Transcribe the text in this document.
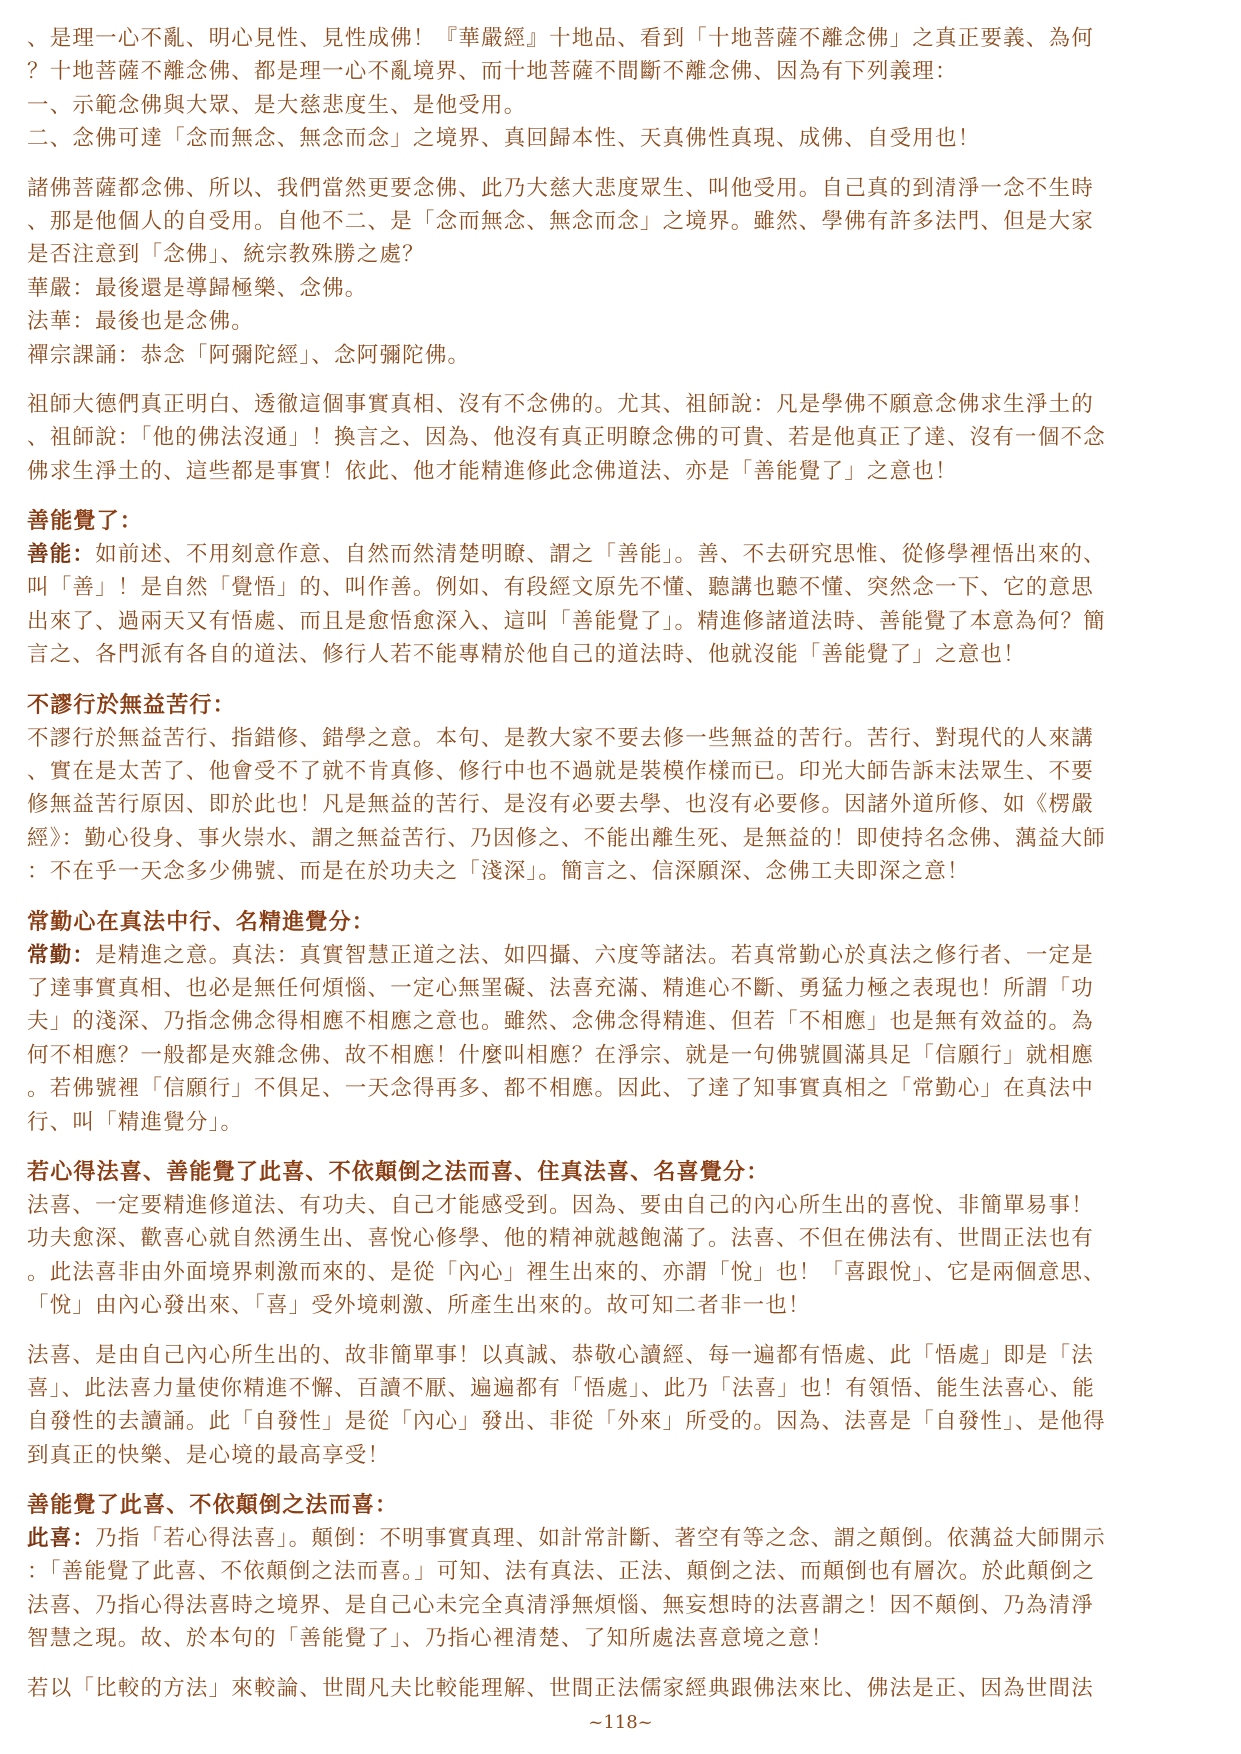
、是理一心不亂、明心見性、見性成佛！『華嚴經』十地品、看到「十地菩薩不離念佛」之真正要義、為何
？十地菩薩不離念佛、都是理一心不亂境界、而十地菩薩不間斷不離念佛、因為有下列義理：
一、示範念佛與大眾、是大慈悲度生、是他受用。
二、念佛可達「念而無念、無念而念」之境界、真回歸本性、天真佛性真現、成佛、自受用也！
諸佛菩薩都念佛、所以、我們當然更要念佛、此乃大慈大悲度眾生、叫他受用。自己真的到清淨一念不生時
、那是他個人的自受用。自他不二、是「念而無念、無念而念」之境界。雖然、學佛有許多法門、但是大家
是否注意到「念佛」、統宗教殊勝之處？
華嚴：最後還是導歸極樂、念佛。
法華：最後也是念佛。
禪宗課誦：恭念「阿彌陀經」、念阿彌陀佛。
祖師大德們真正明白、透徹這個事實真相、沒有不念佛的。尤其、祖師說：凡是學佛不願意念佛求生淨土的
、祖師說：「他的佛法沒通」！換言之、因為、他沒有真正明瞭念佛的可貴、若是他真正了達、沒有一個不念
佛求生淨土的、這些都是事實！依此、他才能精進修此念佛道法、亦是「善能覺了」之意也！
善能覺了：
善能：如前述、不用刻意作意、自然而然清楚明瞭、謂之「善能」。善、不去研究思惟、從修學裡悟出來的、
叫「善」！是自然「覺悟」的、叫作善。例如、有段經文原先不懂、聽講也聽不懂、突然念一下、它的意思
出來了、過兩天又有悟處、而且是愈悟愈深入、這叫「善能覺了」。精進修諸道法時、善能覺了本意為何？簡
言之、各門派有各自的道法、修行人若不能專精於他自己的道法時、他就沒能「善能覺了」之意也！
不謬行於無益苦行：
不謬行於無益苦行、指錯修、錯學之意。本句、是教大家不要去修一些無益的苦行。苦行、對現代的人來講
、實在是太苦了、他會受不了就不肯真修、修行中也不過就是裝模作樣而已。印光大師告訴末法眾生、不要
修無益苦行原因、即於此也！凡是無益的苦行、是沒有必要去學、也沒有必要修。因諸外道所修、如《楞嚴
經》：勤心役身、事火崇水、謂之無益苦行、乃因修之、不能出離生死、是無益的！即使持名念佛、蕅益大師
：不在乎一天念多少佛號、而是在於功夫之「淺深」。簡言之、信深願深、念佛工夫即深之意！
常勤心在真法中行、名精進覺分：
常勤：是精進之意。真法：真實智慧正道之法、如四攝、六度等諸法。若真常勤心於真法之修行者、一定是
了達事實真相、也必是無任何煩惱、一定心無罣礙、法喜充滿、精進心不斷、勇猛力極之表現也！所謂「功
夫」的淺深、乃指念佛念得相應不相應之意也。雖然、念佛念得精進、但若「不相應」也是無有效益的。為
何不相應？一般都是夾雜念佛、故不相應！什麼叫相應？在淨宗、就是一句佛號圓滿具足「信願行」就相應
。若佛號裡「信願行」不俱足、一天念得再多、都不相應。因此、了達了知事實真相之「常勤心」在真法中
行、叫「精進覺分」。
若心得法喜、善能覺了此喜、不依顛倒之法而喜、住真法喜、名喜覺分：
法喜、一定要精進修道法、有功夫、自己才能感受到。因為、要由自己的內心所生出的喜悅、非簡單易事！
功夫愈深、歡喜心就自然湧生出、喜悅心修學、他的精神就越飽滿了。法喜、不但在佛法有、世間正法也有
。此法喜非由外面境界刺激而來的、是從「內心」裡生出來的、亦謂「悅」也！「喜跟悅」、它是兩個意思、
「悅」由內心發出來、「喜」受外境刺激、所產生出來的。故可知二者非一也！
法喜、是由自己內心所生出的、故非簡單事！以真誠、恭敬心讀經、每一遍都有悟處、此「悟處」即是「法
喜」、此法喜力量使你精進不懈、百讀不厭、遍遍都有「悟處」、此乃「法喜」也！有領悟、能生法喜心、能
自發性的去讀誦。此「自發性」是從「內心」發出、非從「外來」所受的。因為、法喜是「自發性」、是他得
到真正的快樂、是心境的最高享受！
善能覺了此喜、不依顛倒之法而喜：
此喜：乃指「若心得法喜」。顛倒：不明事實真理、如計常計斷、著空有等之念、謂之顛倒。依蕅益大師開示
：「善能覺了此喜、不依顛倒之法而喜。」可知、法有真法、正法、顛倒之法、而顛倒也有層次。於此顛倒之
法喜、乃指心得法喜時之境界、是自己心未完全真清淨無煩惱、無妄想時的法喜謂之！因不顛倒、乃為清淨
智慧之現。故、於本句的「善能覺了」、乃指心裡清楚、了知所處法喜意境之意！
若以「比較的方法」來較論、世間凡夫比較能理解、世間正法儒家經典跟佛法來比、佛法是正、因為世間法
~118~
